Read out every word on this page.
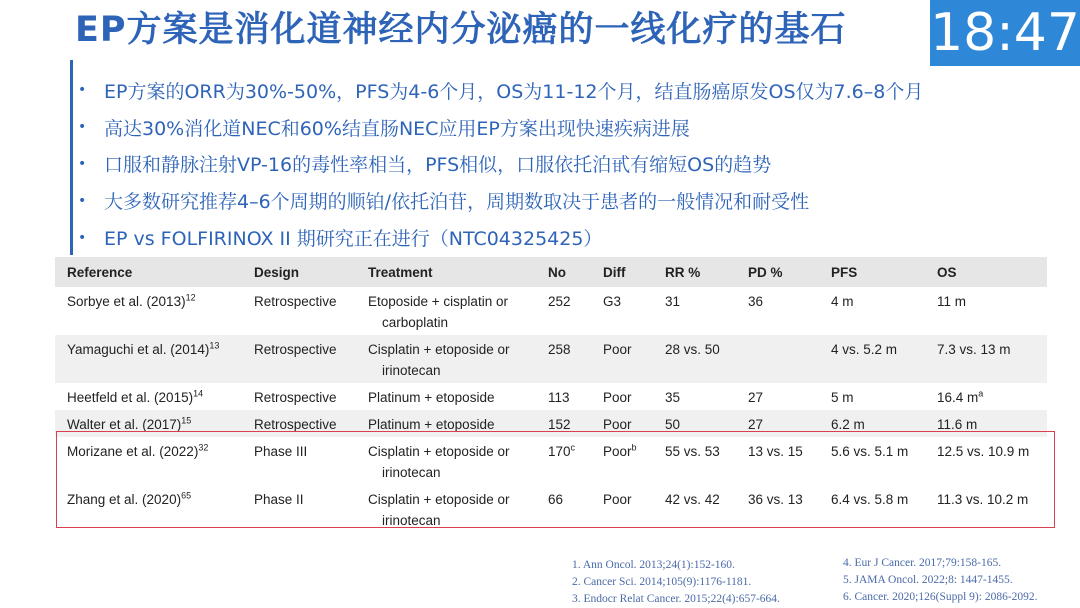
EP方案是消化道神经内分泌癌的一线化疗的基石 18:47
• EP方案的ORR为30%-50%，PFS为4-6个月，OS为11-12个月，结直肠癌原发OS仅为7.6–8个月
• 高达30%消化道NEC和60%结直肠NEC应用EP方案出现快速疾病进展
• 口服和静脉注射VP-16的毒性率相当，PFS相似，口服依托泊甙有缩短OS的趋势
• 大多数研究推荐4–6个周期的顺铂/依托泊苷，周期数取决于患者的一般情况和耐受性
• EP vs FOLFIRINOX II 期研究正在进行（NTC04325425）
Reference	Design	Treatment	No	Diff	RR %	PD %	PFS	OS
Sorbye et al. $(2013)^{12}$	Retrospective	Etoposide + cisplatin or
carboplatin	252	G3	31	36	4 m	11 m
Yamaguchi et al. $(2014)^{13}$	Retrospective	Cisplatin + etoposide or
irinotecan	258	Poor	28 vs. 50		4 vs. 5.2 m	7.3 vs. 13 m
Heetfeld et al. $(2015)^{14}$	Retrospective	Platinum + etoposide	113	Poor	35	27	5 m	16.4 $m^a$
Walter et al. $(2017)^{15}$	Retrospective	Platinum + etoposide	152	Poor	50	27	6.2 m	11.6 m
Morizane et al. $(2022)^{32}$	Phase III	Cisplatin + etoposide or
irinotecan	170$^c$	Poor$^b$	55 vs. 53	13 vs. 15	5.6 vs. 5.1 m	12.5 vs. 10.9 m
Zhang et al. $(2020)^{65}$	Phase II	Cisplatin + etoposide or
irinotecan	66	Poor	42 vs. 42	36 vs. 13	6.4 vs. 5.8 m	11.3 vs. 10.2 m
1. Ann Oncol. 2013;24(1):152-160.
2. Cancer Sci. 2014;105(9):1176-1181.
3. Endocr Relat Cancer. 2015;22(4):657-664.
4. Eur J Cancer. 2017;79:158-165.
5. JAMA Oncol. 2022;8: 1447-1455.
6. Cancer. 2020;126(Suppl 9): 2086-2092.
